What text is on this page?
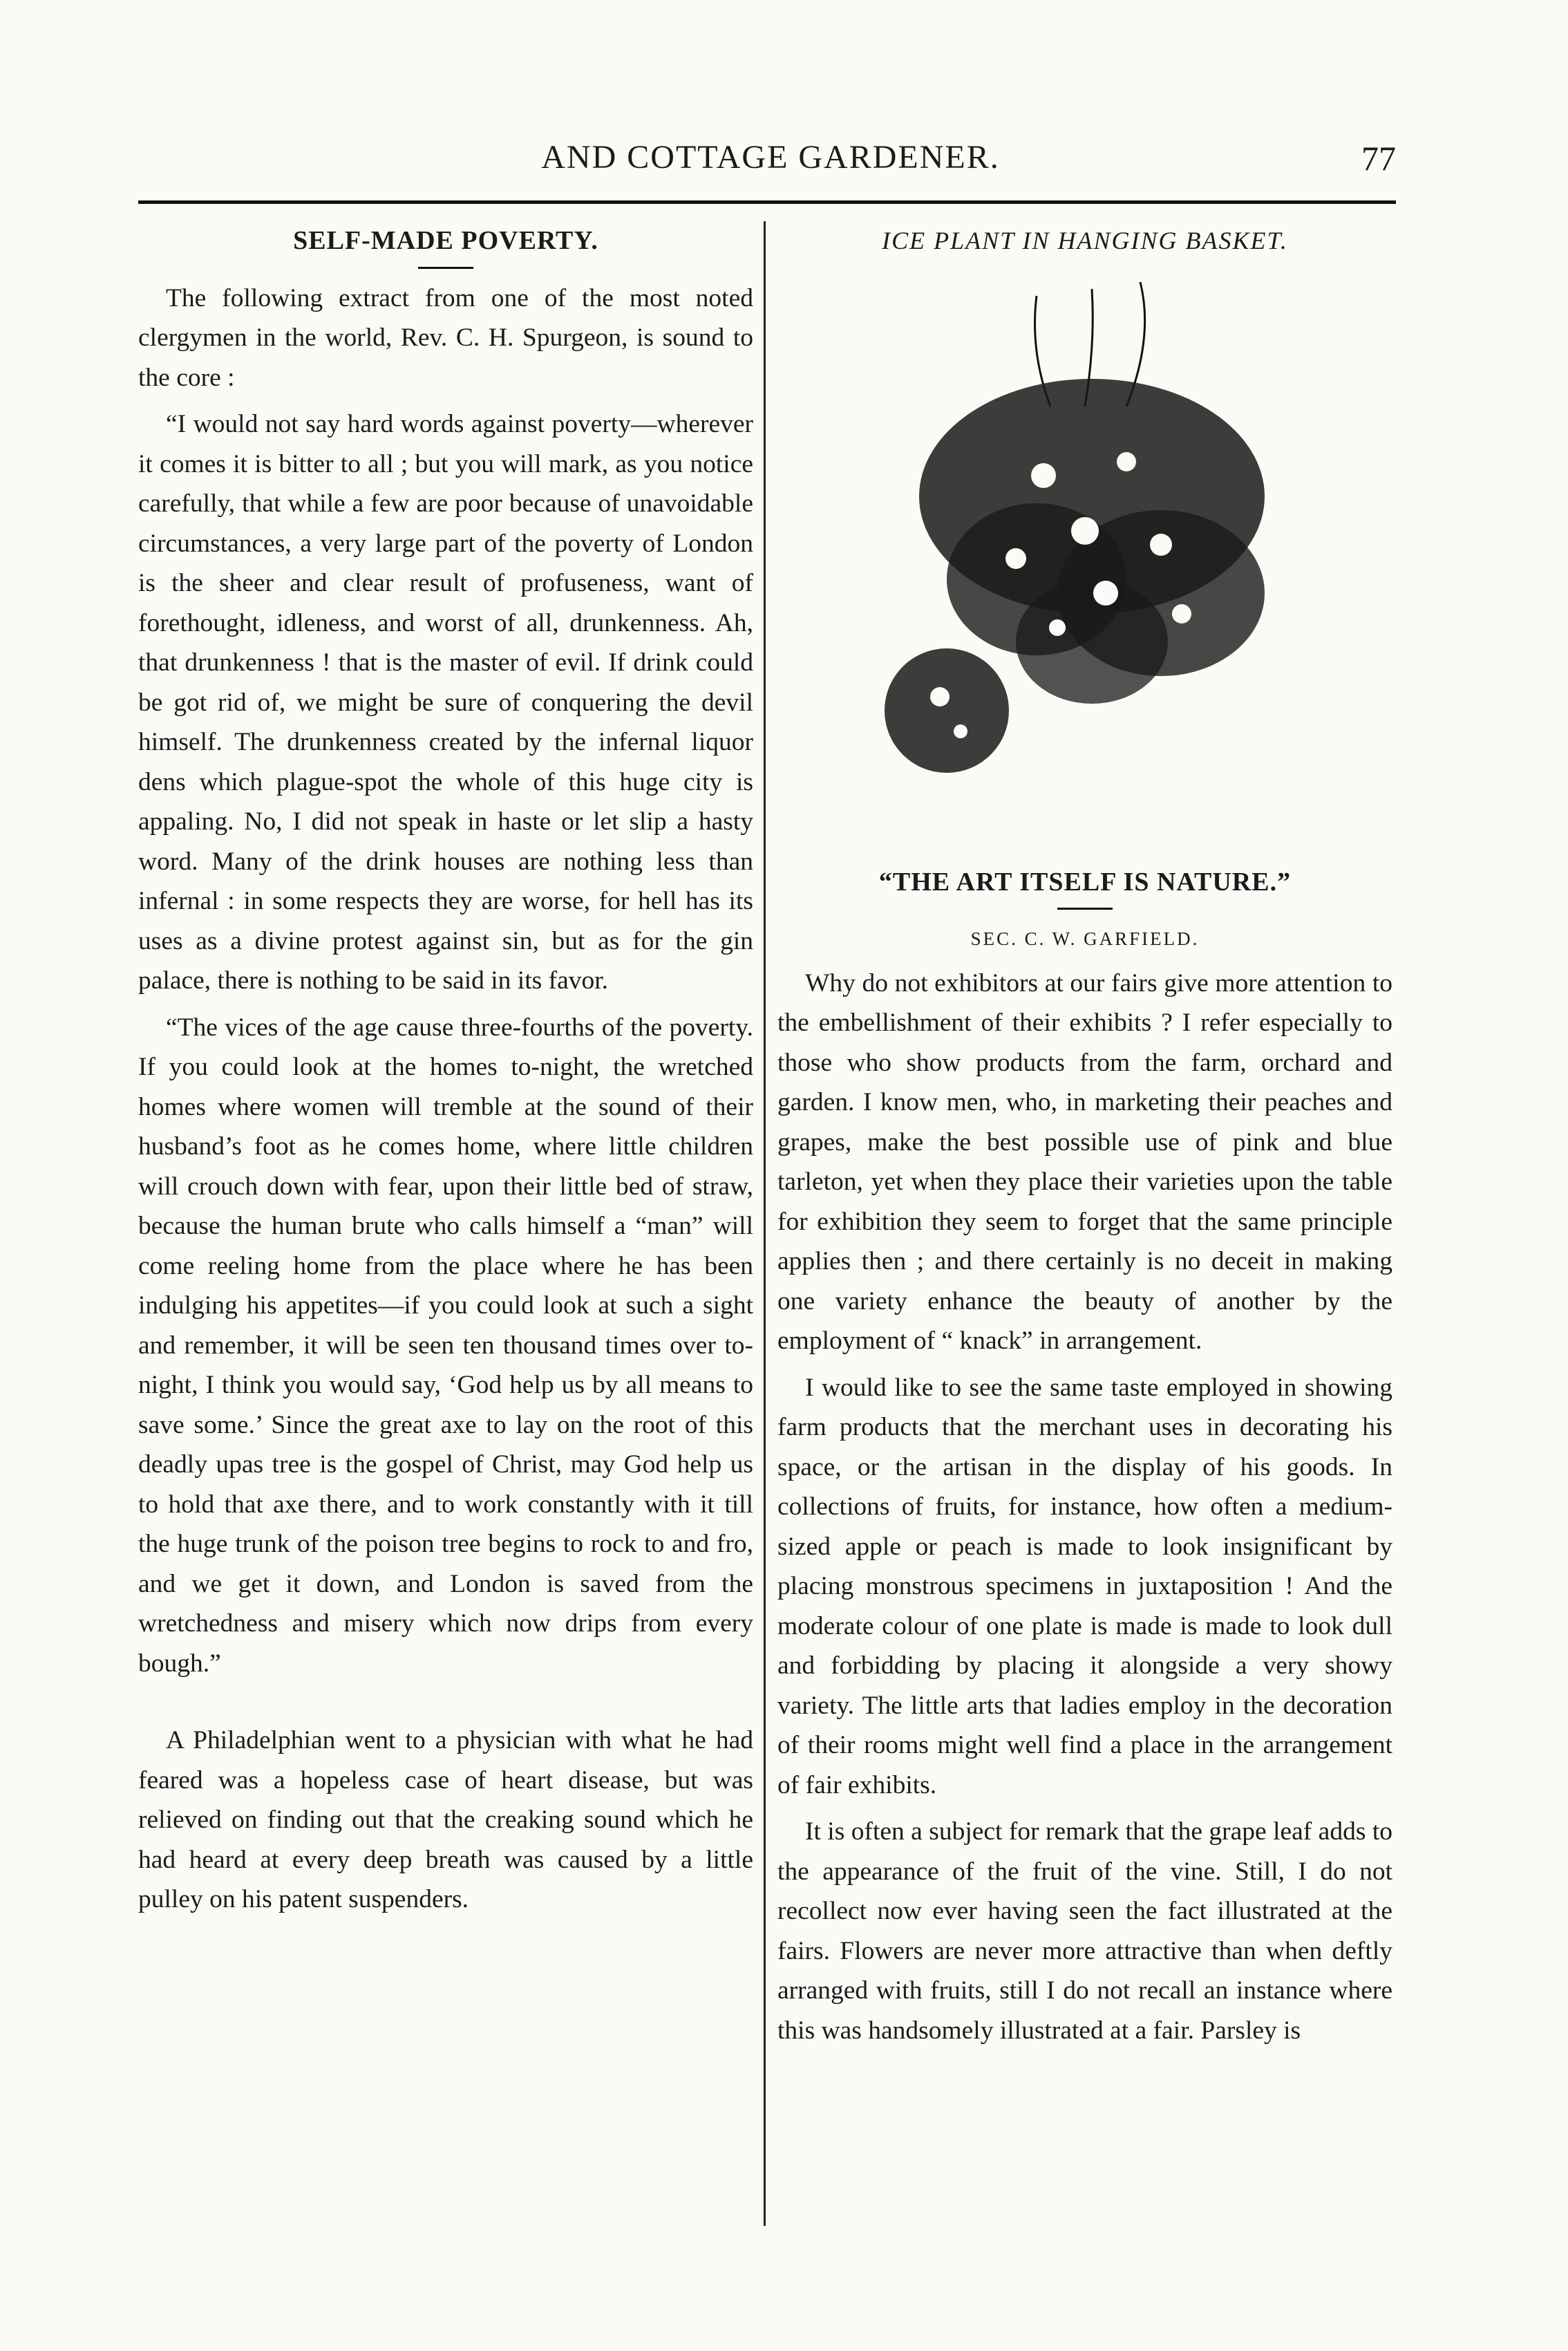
AND COTTAGE GARDENER.	77

SELF-MADE POVERTY.

The following extract from one of the most noted clergymen in the world, Rev. C. H. Spurgeon, is sound to the core :

“I would not say hard words against poverty—wherever it comes it is bitter to all ; but you will mark, as you notice carefully, that while a few are poor because of unavoidable circumstances, a very large part of the poverty of London is the sheer and clear result of profuseness, want of forethought, idleness, and worst of all, drunkenness. Ah, that drunkenness ! that is the master of evil. If drink could be got rid of, we might be sure of conquering the devil himself. The drunkenness created by the infernal liquor dens which plague-spot the whole of this huge city is appaling. No, I did not speak in haste or let slip a hasty word. Many of the drink houses are nothing less than infernal : in some respects they are worse, for hell has its uses as a divine protest against sin, but as for the gin palace, there is nothing to be said in its favor.

“The vices of the age cause three-fourths of the poverty. If you could look at the homes to-night, the wretched homes where women will tremble at the sound of their husband’s foot as he comes home, where little children will crouch down with fear, upon their little bed of straw, because the human brute who calls himself a “man” will come reeling home from the place where he has been indulging his appetites—if you could look at such a sight and remember, it will be seen ten thousand times over to-night, I think you would say, ‘God help us by all means to save some.’ Since the great axe to lay on the root of this deadly upas tree is the gospel of Christ, may God help us to hold that axe there, and to work constantly with it till the huge trunk of the poison tree begins to rock to and fro, and we get it down, and London is saved from the wretchedness and misery which now drips from every bough.”

A Philadelphian went to a physician with what he had feared was a hopeless case of heart disease, but was relieved on finding out that the creaking sound which he had heard at every deep breath was caused by a little pulley on his patent suspenders.

ICE PLANT IN HANGING BASKET.

“THE ART ITSELF IS NATURE.”

SEC. C. W. GARFIELD.

Why do not exhibitors at our fairs give more attention to the embellishment of their exhibits ? I refer especially to those who show products from the farm, orchard and garden. I know men, who, in marketing their peaches and grapes, make the best possible use of pink and blue tarleton, yet when they place their varieties upon the table for exhibition they seem to forget that the same principle applies then ; and there certainly is no deceit in making one variety enhance the beauty of another by the employment of “ knack” in arrangement.

I would like to see the same taste employed in showing farm products that the merchant uses in decorating his space, or the artisan in the display of his goods. In collections of fruits, for instance, how often a medium-sized apple or peach is made to look insignificant by placing monstrous specimens in juxtaposition ! And the moderate colour of one plate is made is made to look dull and forbidding by placing it alongside a very showy variety. The little arts that ladies employ in the decoration of their rooms might well find a place in the arrangement of fair exhibits.

It is often a subject for remark that the grape leaf adds to the appearance of the fruit of the vine. Still, I do not recollect now ever having seen the fact illustrated at the fairs. Flowers are never more attractive than when deftly arranged with fruits, still I do not recall an instance where this was handsomely illustrated at a fair. Parsley is
